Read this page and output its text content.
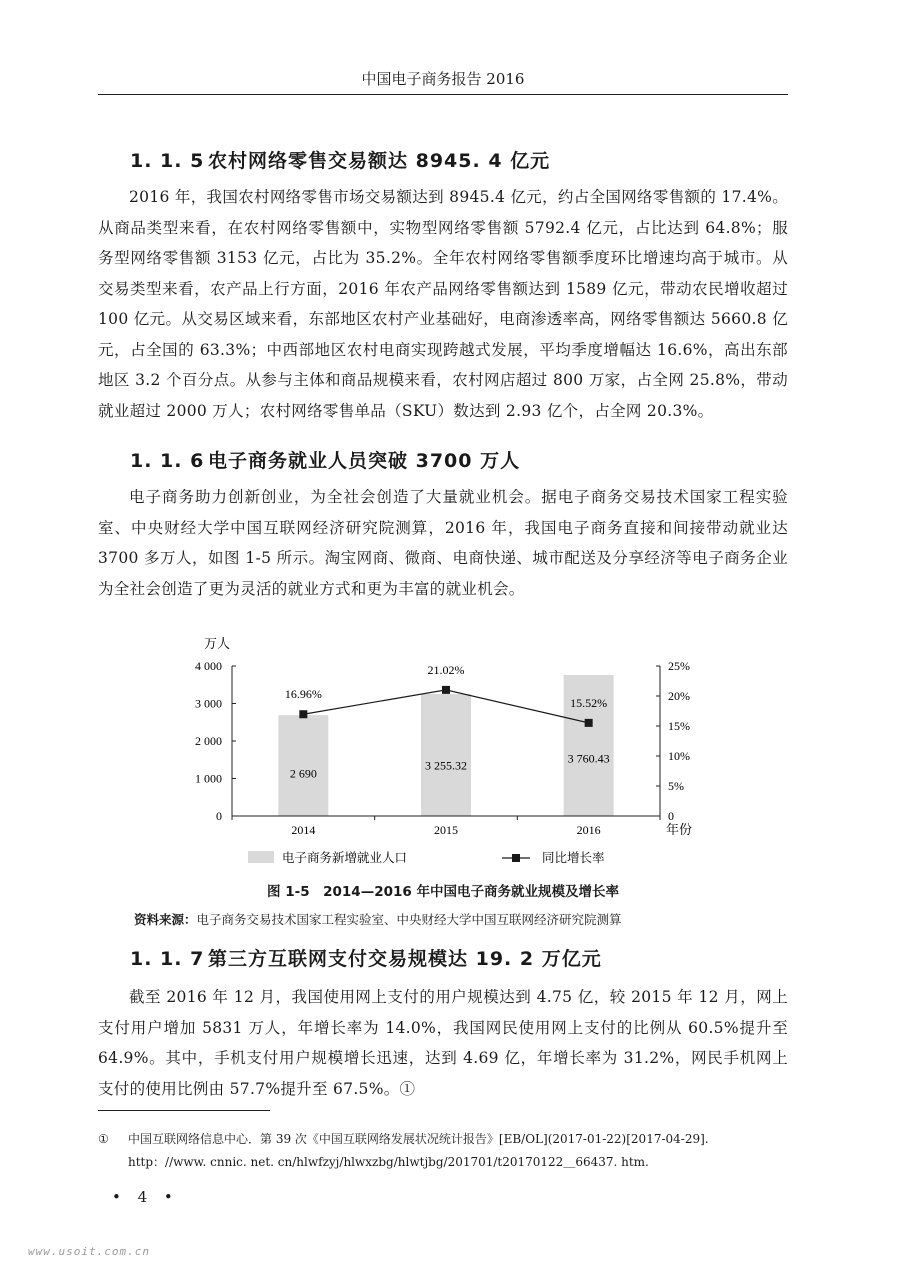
中国电子商务报告 2016
1. 1. 5 农村网络零售交易额达 8945. 4 亿元
2016 年，我国农村网络零售市场交易额达到 8945.4 亿元，约占全国网络零售额的 17.4%。从商品类型来看，在农村网络零售额中，实物型网络零售额 5792.4 亿元，占比达到 64.8%；服务型网络零售额 3153 亿元，占比为 35.2%。全年农村网络零售额季度环比增速均高于城市。从交易类型来看，农产品上行方面，2016 年农产品网络零售额达到 1589 亿元，带动农民增收超过 100 亿元。从交易区域来看，东部地区农村产业基础好，电商渗透率高，网络零售额达 5660.8 亿元，占全国的 63.3%；中西部地区农村电商实现跨越式发展，平均季度增幅达 16.6%，高出东部地区 3.2 个百分点。从参与主体和商品规模来看，农村网店超过 800 万家，占全网 25.8%，带动就业超过 2000 万人；农村网络零售单品（SKU）数达到 2.93 亿个，占全网 20.3%。
1. 1. 6 电子商务就业人员突破 3700 万人
电子商务助力创新创业，为全社会创造了大量就业机会。据电子商务交易技术国家工程实验室、中央财经大学中国互联网经济研究院测算，2016 年，我国电子商务直接和间接带动就业达 3700 多万人，如图 1-5 所示。淘宝网商、微商、电商快递、城市配送及分享经济等电子商务企业为全社会创造了更为灵活的就业方式和更为丰富的就业机会。
2 690
3 255.32
3 760.43
0
1 000
2 000
3 000
4 000
0
5%
10%
15%
20%
25%
2014	2015	2016
万人
年份
16.96%
21.02%
15.52%
电子商务新增就业人口	同比增长率
图 1-5　2014—2016 年中国电子商务就业规模及增长率
资料来源：电子商务交易技术国家工程实验室、中央财经大学中国互联网经济研究院测算
1. 1. 7 第三方互联网支付交易规模达 19. 2 万亿元
截至 2016 年 12 月，我国使用网上支付的用户规模达到 4.75 亿，较 2015 年 12 月，网上支付用户增加 5831 万人，年增长率为 14.0%，我国网民使用网上支付的比例从 60.5%提升至 64.9%。其中，手机支付用户规模增长迅速，达到 4.69 亿，年增长率为 31.2%，网民手机网上支付的使用比例由 57.7%提升至 67.5%。①
① 中国互联网络信息中心．第 39 次《中国互联网络发展状况统计报告》[EB/OL](2017-01-22)[2017-04-29].
http：//www. cnnic. net. cn/hlwfzyj/hlwxzbg/hlwtjbg/201701/t20170122＿66437. htm.
• 4 •
www.usoit.com.cn
